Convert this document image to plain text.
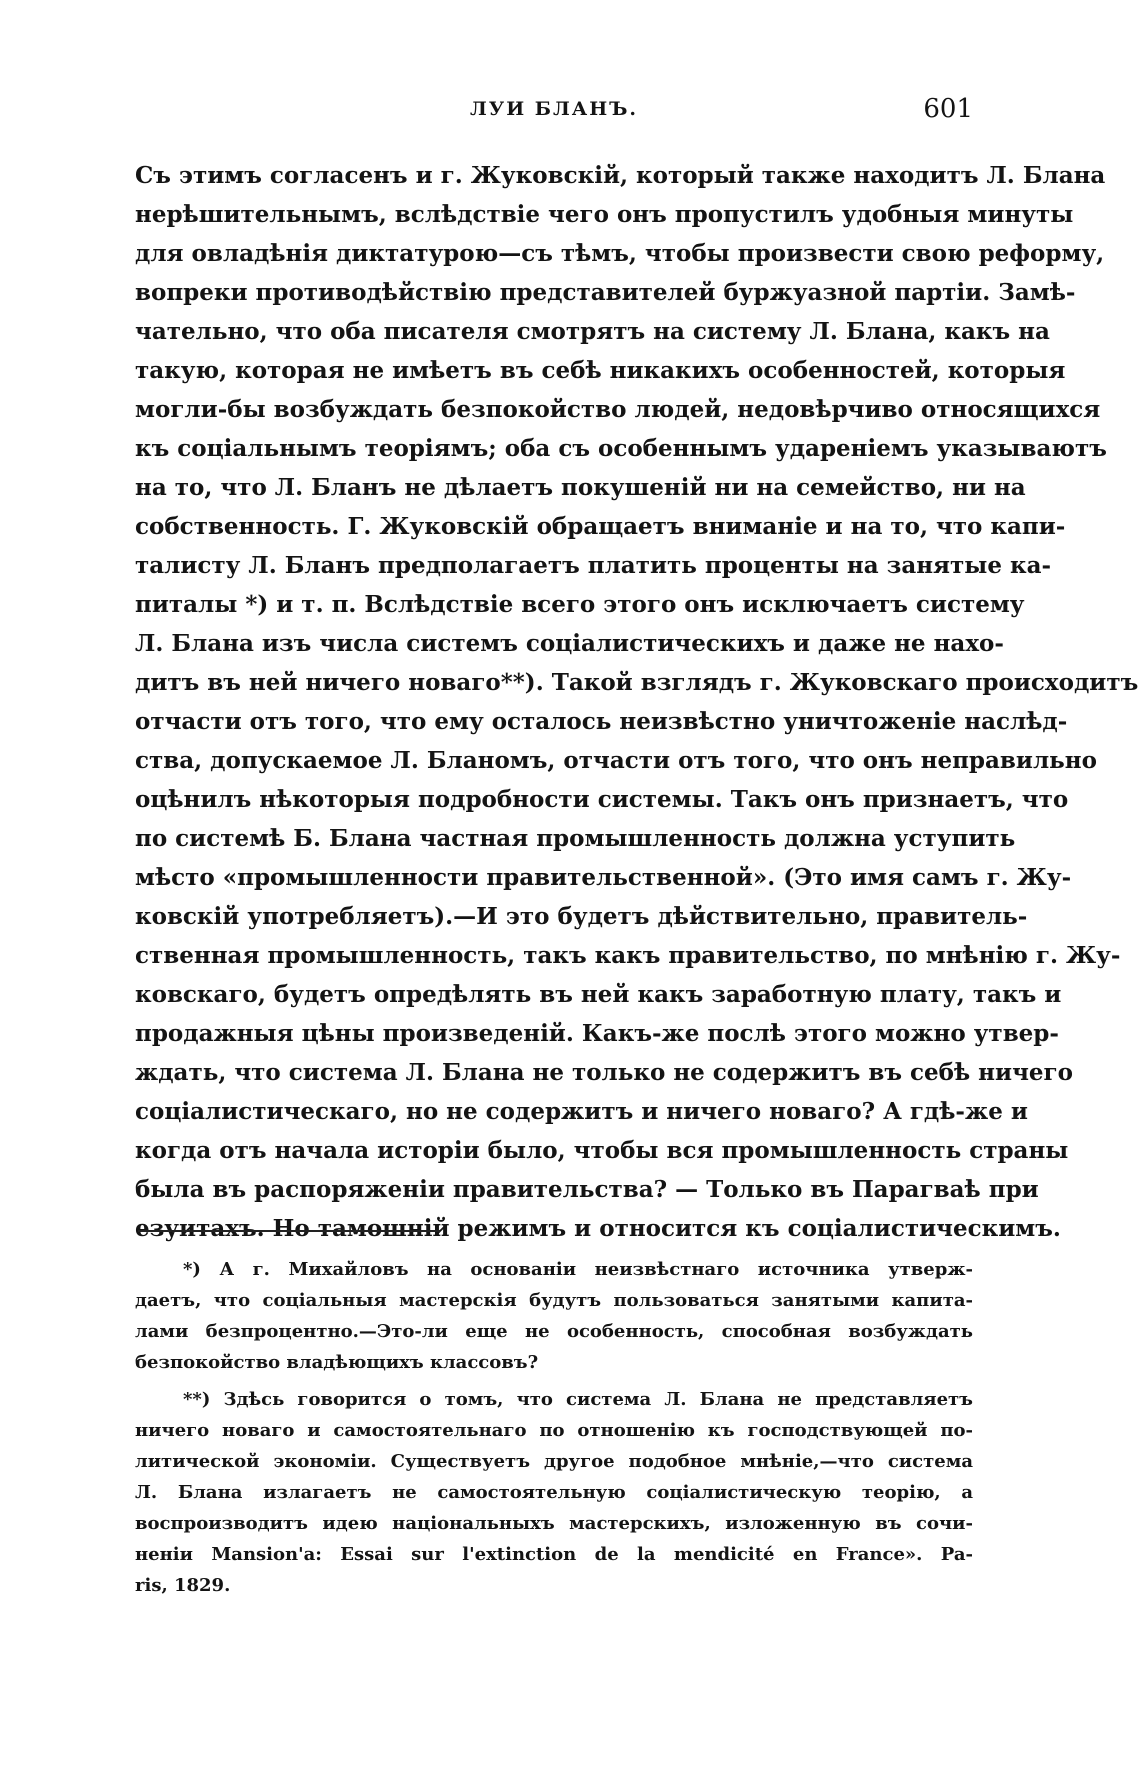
ЛУИ БЛАНЪ.	601
Съ этимъ согласенъ и г. Жуковскій, который также находитъ Л. Блана
нерѣшительнымъ, вслѣдствіе чего онъ пропустилъ удобныя минуты
для овладѣнія диктатурою—съ тѣмъ, чтобы произвести свою реформу,
вопреки противодѣйствію представителей буржуазной партіи. Замѣ-
чательно, что оба писателя смотрятъ на систему Л. Блана, какъ на
такую, которая не имѣетъ въ себѣ никакихъ особенностей, которыя
могли-бы возбуждать безпокойство людей, недовѣрчиво относящихся
къ соціальнымъ теоріямъ; оба съ особеннымъ удареніемъ указываютъ
на то, что Л. Бланъ не дѣлаетъ покушеній ни на семейство, ни на
собственность. Г. Жуковскій обращаетъ вниманіе и на то, что капи-
талисту Л. Бланъ предполагаетъ платить проценты на занятые ка-
питалы *) и т. п. Вслѣдствіе всего этого онъ исключаетъ систему
Л. Блана изъ числа системъ соціалистическихъ и даже не нахо-
дитъ въ ней ничего новаго**). Такой взглядъ г. Жуковскаго происходитъ
отчасти отъ того, что ему осталось неизвѣстно уничтоженіе наслѣд-
ства, допускаемое Л. Бланомъ, отчасти отъ того, что онъ неправильно
оцѣнилъ нѣкоторыя подробности системы. Такъ онъ признаетъ, что
по системѣ Б. Блана частная промышленность должна уступить
мѣсто «промышленности правительственной». (Это имя самъ г. Жу-
ковскій употребляетъ).—И это будетъ дѣйствительно, правитель-
ственная промышленность, такъ какъ правительство, по мнѣнію г. Жу-
ковскаго, будетъ опредѣлять въ ней какъ заработную плату, такъ и
продажныя цѣны произведеній. Какъ-же послѣ этого можно утвер-
ждать, что система Л. Блана не только не содержитъ въ себѣ ничего
соціалистическаго, но не содержитъ и ничего новаго? А гдѣ-же и
когда отъ начала исторіи было, чтобы вся промышленность страны
была въ распоряженіи правительства? — Только въ Парагваѣ при
езуитахъ. Но тамошній режимъ и относится къ соціалистическимъ.
*) А г. Михайловъ на основаніи неизвѣстнаго источника утверж-
даетъ, что соціальныя мастерскія будутъ пользоваться занятыми капита-
лами безпроцентно.—Это-ли еще не особенность, способная возбуждать
безпокойство владѣющихъ классовъ?
**) Здѣсь говорится о томъ, что система Л. Блана не представляетъ
ничего новаго и самостоятельнаго по отношенію къ господствующей по-
литической экономіи. Существуетъ другое подобное мнѣніе,—что система
Л. Блана излагаетъ не самостоятельную соціалистическую теорію, а
воспроизводитъ идею національныхъ мастерскихъ, изложенную въ сочи-
неніи Mansion'a: Essai sur l'extinction de la mendicité en France». Pa-
ris, 1829.
